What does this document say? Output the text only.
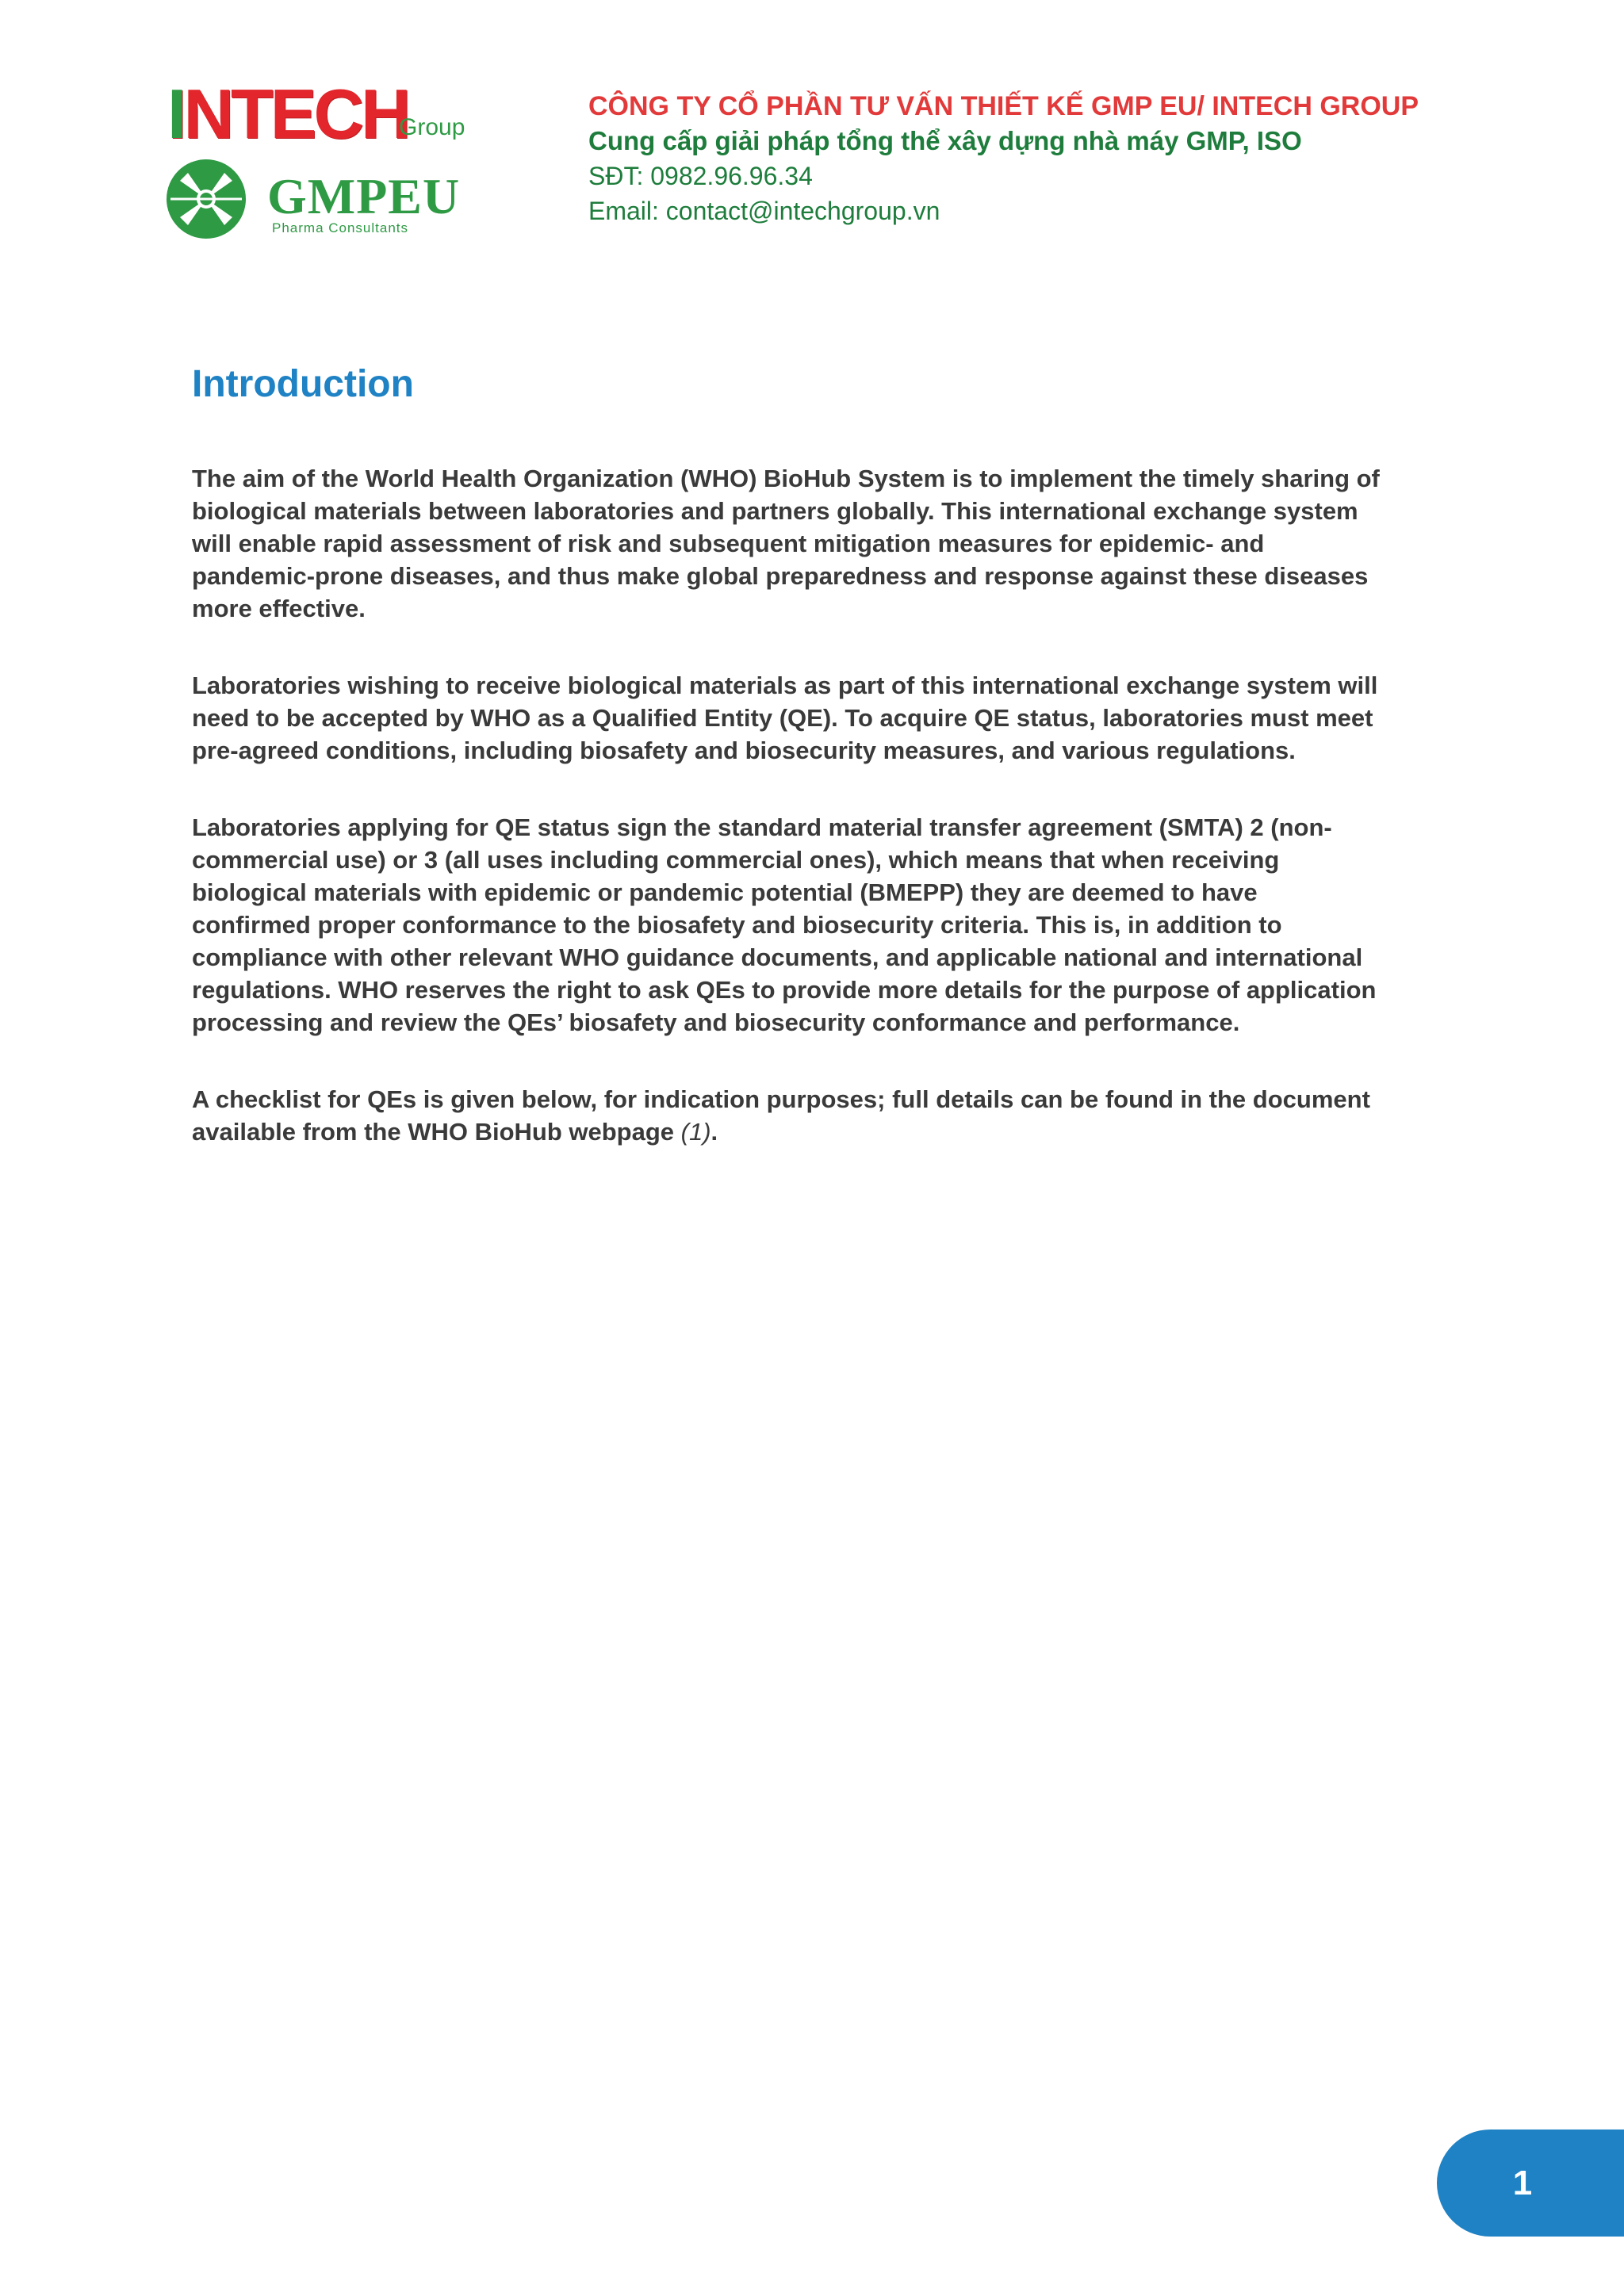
INTECH
Group
GMPEU
Pharma Consultants
CÔNG TY CỔ PHẦN TƯ VẤN THIẾT KẾ GMP EU/ INTECH GROUP
Cung cấp giải pháp tổng thể xây dựng nhà máy GMP, ISO
SĐT: 0982.96.96.34
Email: contact@intechgroup.vn
Introduction

The aim of the World Health Organization (WHO) BioHub System is to implement the timely sharing of biological materials between laboratories and partners globally. This international exchange system will enable rapid assessment of risk and subsequent mitigation measures for epidemic- and pandemic-prone diseases, and thus make global preparedness and response against these diseases more effective.

Laboratories wishing to receive biological materials as part of this international exchange system will need to be accepted by WHO as a Qualified Entity (QE). To acquire QE status, laboratories must meet pre-agreed conditions, including biosafety and biosecurity measures, and various regulations.

Laboratories applying for QE status sign the standard material transfer agreement (SMTA) 2 (non-commercial use) or 3 (all uses including commercial ones), which means that when receiving biological materials with epidemic or pandemic potential (BMEPP) they are deemed to have confirmed proper conformance to the biosafety and biosecurity criteria. This is, in addition to compliance with other relevant WHO guidance documents, and applicable national and international regulations. WHO reserves the right to ask QEs to provide more details for the purpose of application processing and review the QEs’ biosafety and biosecurity conformance and performance.

A checklist for QEs is given below, for indication purposes; full details can be found in the document available from the WHO BioHub webpage (1).

1
